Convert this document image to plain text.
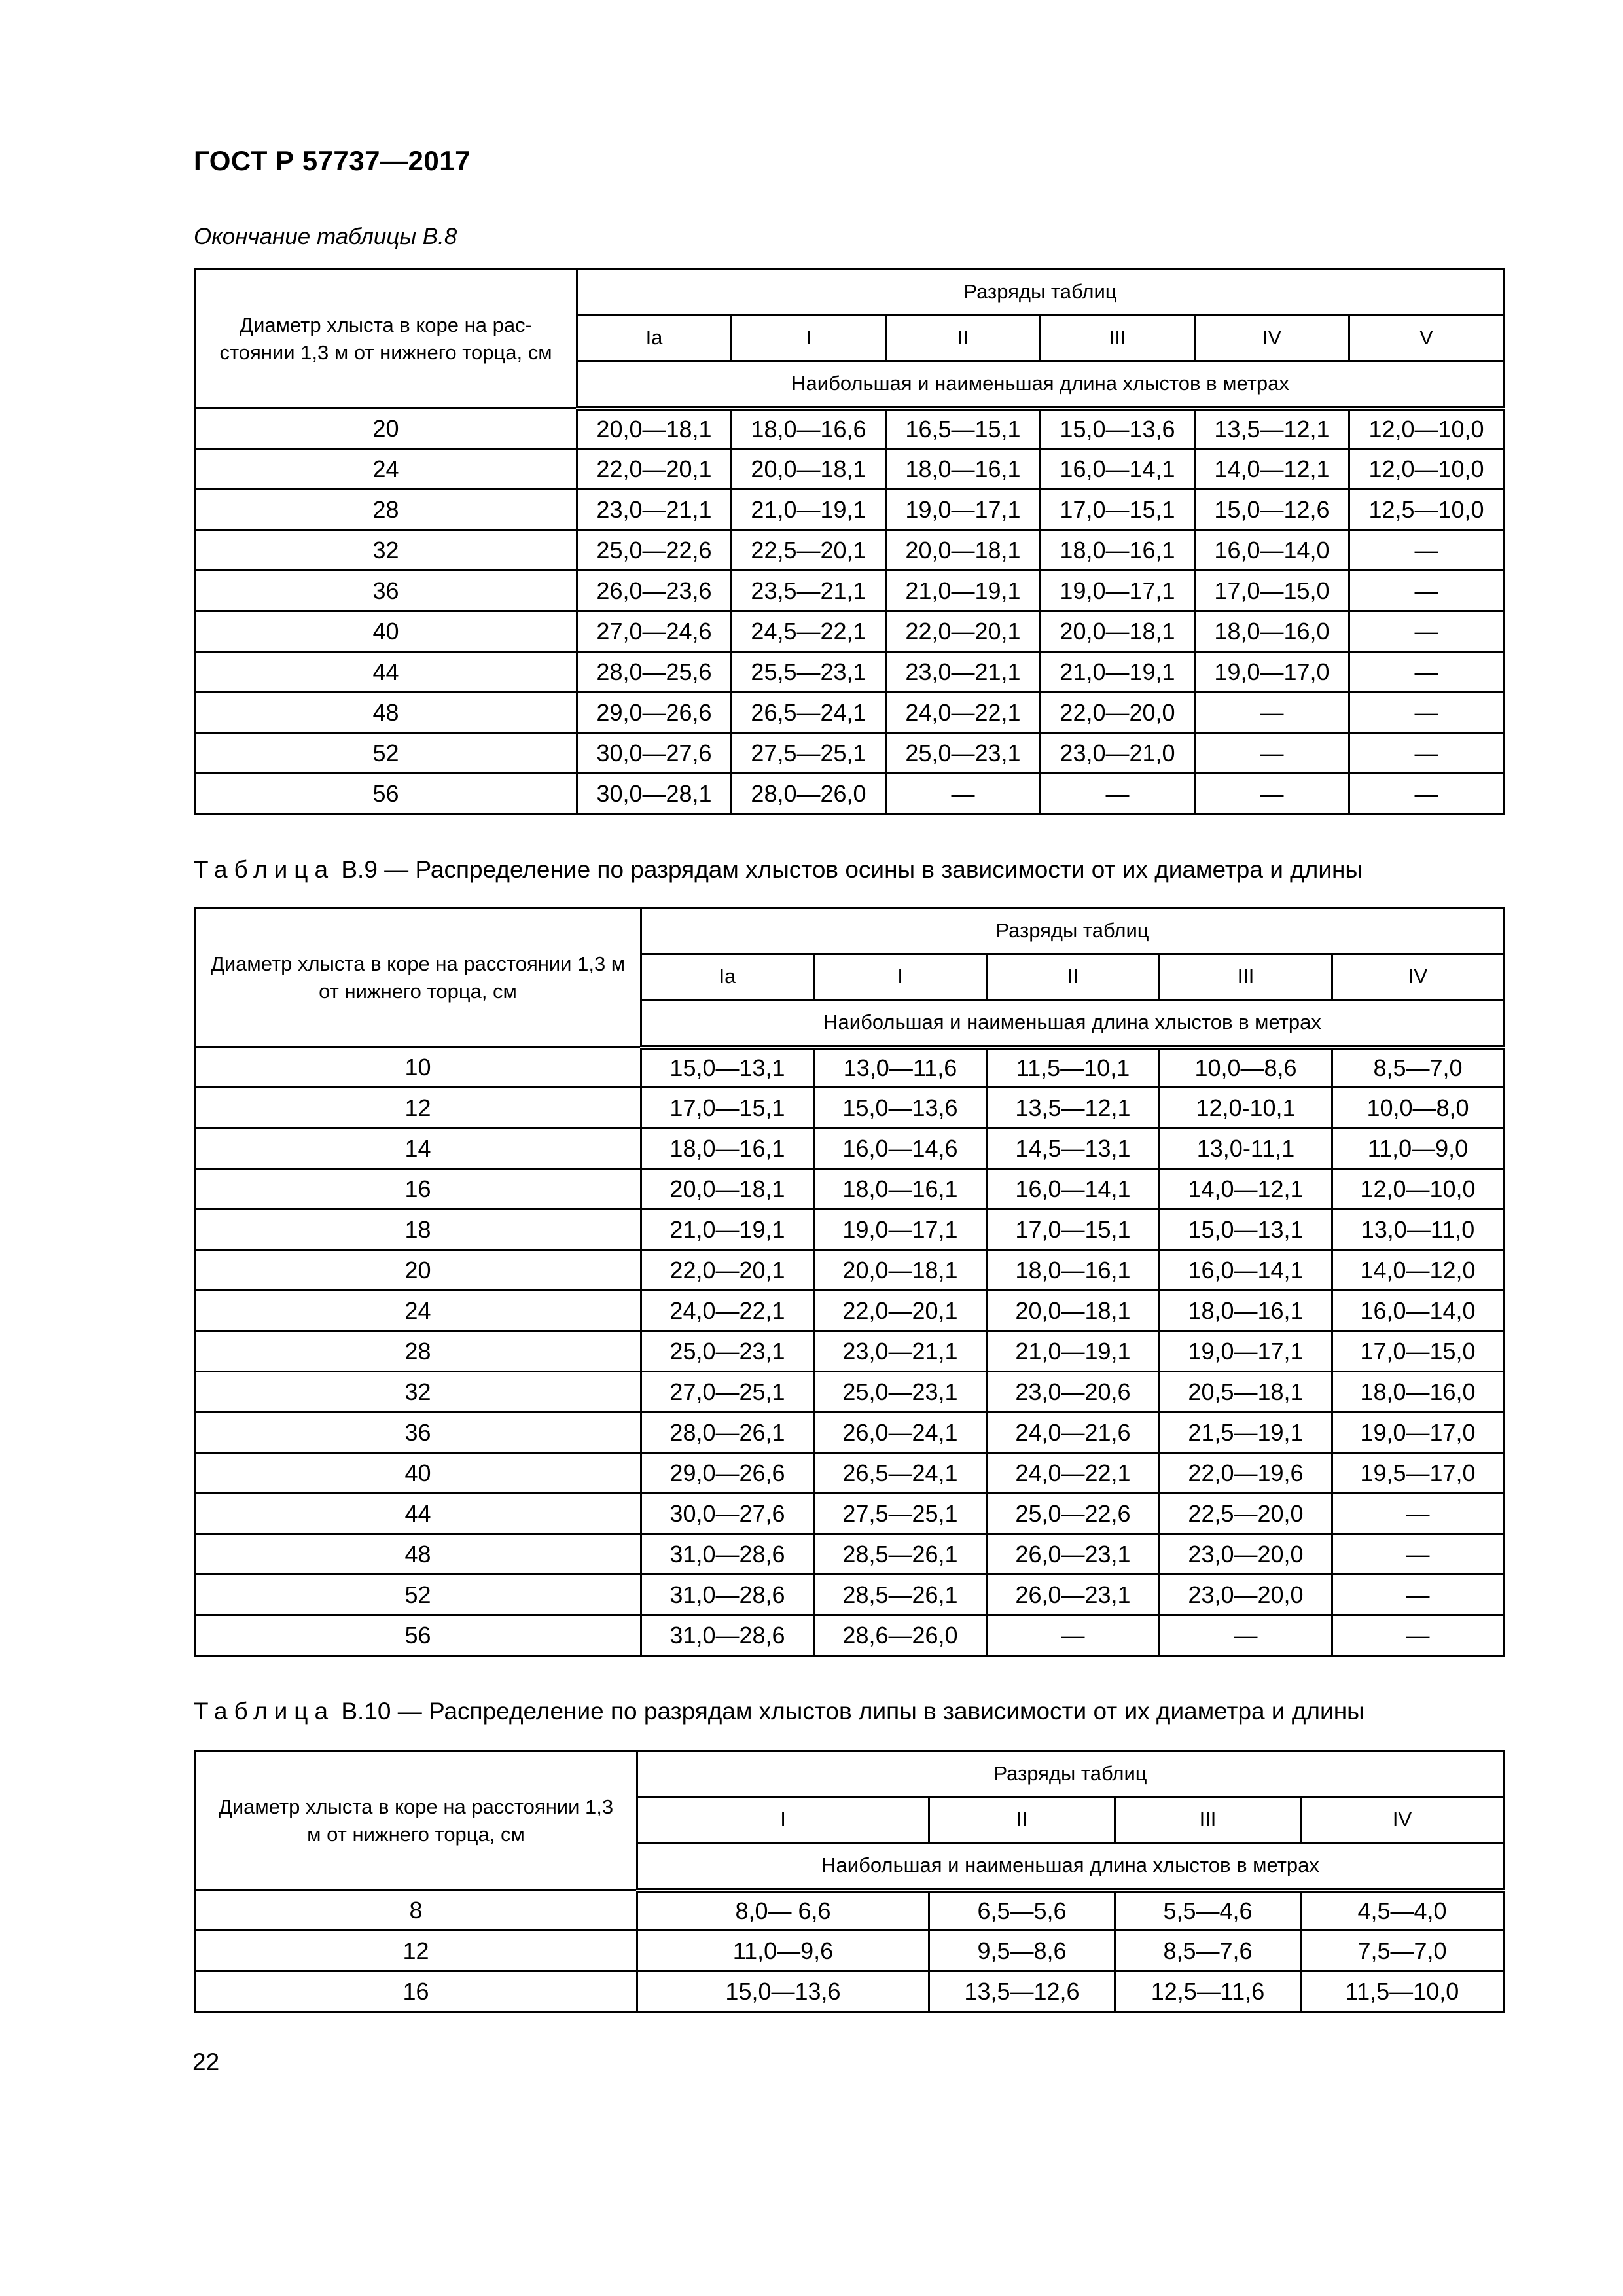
ГОСТ Р 57737—2017
Окончание таблицы В.8
Диаметр хлыста в коре на рас-стоянии 1,3 м от нижнего торца, см	Разряды таблиц					
	Ia	I	II	III	IV	V
	Наибольшая и наименьшая длина хлыстов в метрах					
20	20,0—18,1	18,0—16,6	16,5—15,1	15,0—13,6	13,5—12,1	12,0—10,0
24	22,0—20,1	20,0—18,1	18,0—16,1	16,0—14,1	14,0—12,1	12,0—10,0
28	23,0—21,1	21,0—19,1	19,0—17,1	17,0—15,1	15,0—12,6	12,5—10,0
32	25,0—22,6	22,5—20,1	20,0—18,1	18,0—16,1	16,0—14,0	—
36	26,0—23,6	23,5—21,1	21,0—19,1	19,0—17,1	17,0—15,0	—
40	27,0—24,6	24,5—22,1	22,0—20,1	20,0—18,1	18,0—16,0	—
44	28,0—25,6	25,5—23,1	23,0—21,1	21,0—19,1	19,0—17,0	—
48	29,0—26,6	26,5—24,1	24,0—22,1	22,0—20,0	—	—
52	30,0—27,6	27,5—25,1	25,0—23,1	23,0—21,0	—	—
56	30,0—28,1	28,0—26,0	—	—	—	—
Таблица В.9 — Распределение по разрядам хлыстов осины в зависимости от их диаметра и длины
Диаметр хлыста в коре на расстоянии 1,3 м от нижнего торца, см	Разряды таблиц				
	Ia	I	II	III	IV
	Наибольшая и наименьшая длина хлыстов в метрах				
10	15,0—13,1	13,0—11,6	11,5—10,1	10,0—8,6	8,5—7,0
12	17,0—15,1	15,0—13,6	13,5—12,1	12,0-10,1	10,0—8,0
14	18,0—16,1	16,0—14,6	14,5—13,1	13,0-11,1	11,0—9,0
16	20,0—18,1	18,0—16,1	16,0—14,1	14,0—12,1	12,0—10,0
18	21,0—19,1	19,0—17,1	17,0—15,1	15,0—13,1	13,0—11,0
20	22,0—20,1	20,0—18,1	18,0—16,1	16,0—14,1	14,0—12,0
24	24,0—22,1	22,0—20,1	20,0—18,1	18,0—16,1	16,0—14,0
28	25,0—23,1	23,0—21,1	21,0—19,1	19,0—17,1	17,0—15,0
32	27,0—25,1	25,0—23,1	23,0—20,6	20,5—18,1	18,0—16,0
36	28,0—26,1	26,0—24,1	24,0—21,6	21,5—19,1	19,0—17,0
40	29,0—26,6	26,5—24,1	24,0—22,1	22,0—19,6	19,5—17,0
44	30,0—27,6	27,5—25,1	25,0—22,6	22,5—20,0	—
48	31,0—28,6	28,5—26,1	26,0—23,1	23,0—20,0	—
52	31,0—28,6	28,5—26,1	26,0—23,1	23,0—20,0	—
56	31,0—28,6	28,6—26,0	—	—	—
Таблица В.10 — Распределение по разрядам хлыстов липы в зависимости от их диаметра и длины
Диаметр хлыста в коре на расстоянии 1,3 м от нижнего торца, см	Разряды таблиц			
	I	II	III	IV
	Наибольшая и наименьшая длина хлыстов в метрах			
8	8,0— 6,6	6,5—5,6	5,5—4,6	4,5—4,0
12	11,0—9,6	9,5—8,6	8,5—7,6	7,5—7,0
16	15,0—13,6	13,5—12,6	12,5—11,6	11,5—10,0
22
